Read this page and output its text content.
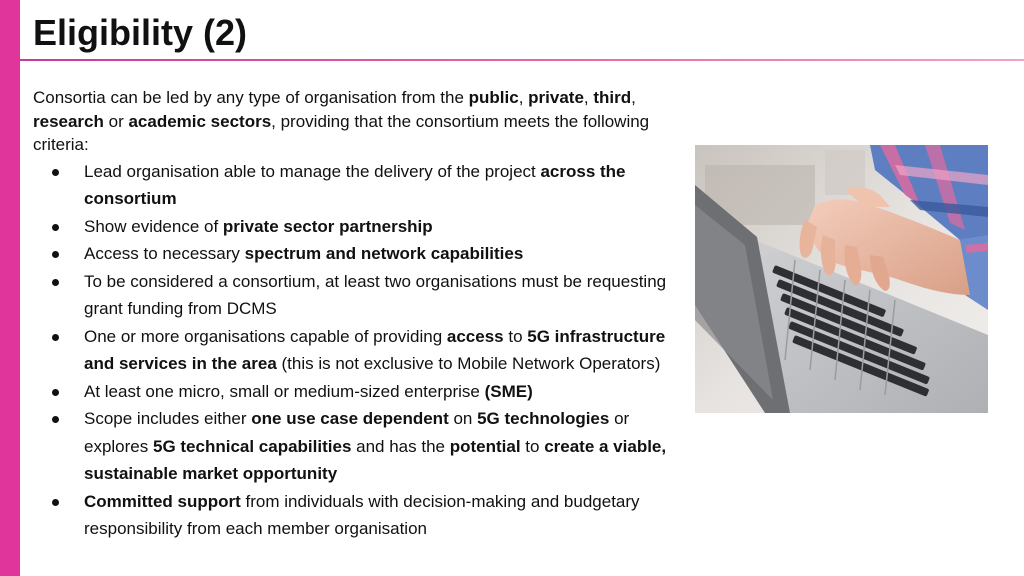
Eligibility (2)

Consortia can be led by any type of organisation from the public, private, third, research or academic sectors, providing that the consortium meets the following criteria:

Lead organisation able to manage the delivery of the project across the consortium
Show evidence of private sector partnership
Access to necessary spectrum and network capabilities
To be considered a consortium, at least two organisations must be requesting grant funding from DCMS
One or more organisations capable of providing access to 5G infrastructure and services in the area (this is not exclusive to Mobile Network Operators)
At least one micro, small or medium-sized enterprise (SME)
Scope includes either one use case dependent on 5G technologies or explores 5G technical capabilities and has the potential to create a viable, sustainable market opportunity
Committed support from individuals with decision-making and budgetary responsibility from each member organisation
